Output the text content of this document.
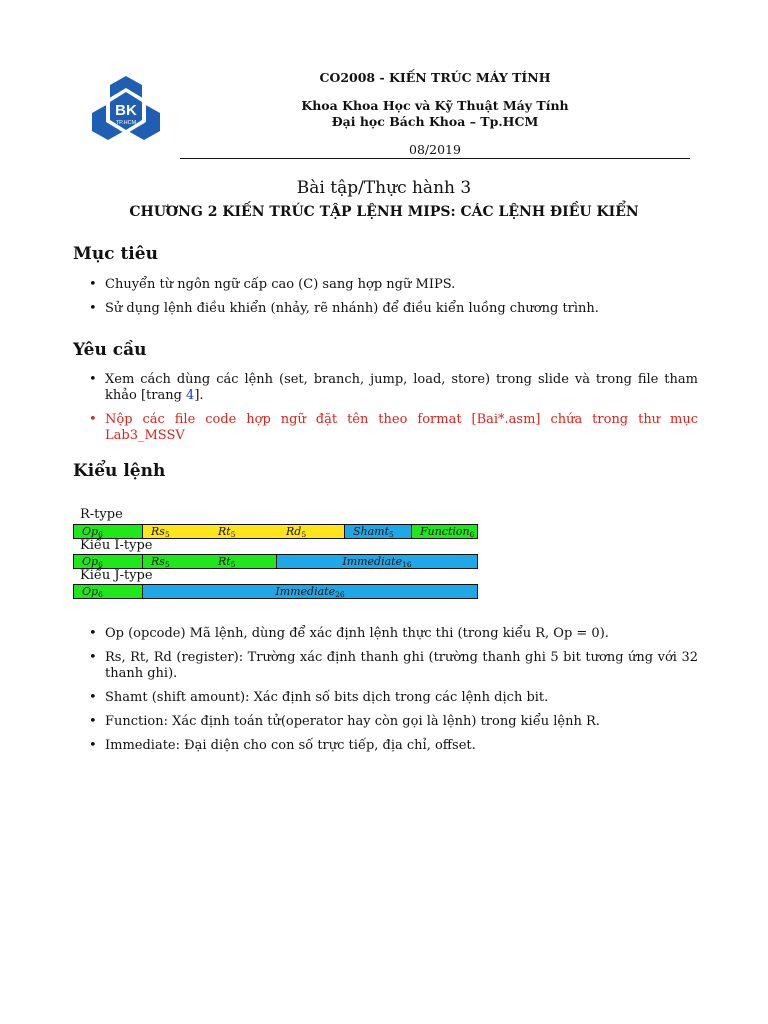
BK
TP.HCM
CO2008 - KIẾN TRÚC MÁY TÍNH
Khoa Khoa Học và Kỹ Thuật Máy Tính
Đại học Bách Khoa – Tp.HCM
08/2019
Bài tập/Thực hành 3
CHƯƠNG 2 KIẾN TRÚC TẬP LỆNH MIPS: CÁC LỆNH ĐIỀU KIỂN
Mục tiêu
• Chuyển từ ngôn ngữ cấp cao (C) sang hợp ngữ MIPS.
• Sử dụng lệnh điều khiển (nhảy, rẽ nhánh) để điều kiển luồng chương trình.
Yêu cầu
• Xem cách dùng các lệnh (set, branch, jump, load, store) trong slide và trong file tham khảo [trang 4].
• Nộp các file code hợp ngữ đặt tên theo format [Bai*.asm] chứa trong thư mục Lab3_MSSV
Kiểu lệnh
R-type
$Op_6$	$Rs_5$	$Rt_5$	$Rd_5$	Shamt$_5$	Function$_6$
Kiểu I-type
$Op_6$	$Rs_5$	$Rt_5$	Immediate$_{16}$
Kiểu J-type
$Op_6$	Immediate$_{26}$
• Op (opcode) Mã lệnh, dùng để xác định lệnh thực thi (trong kiểu R, Op = 0).
• Rs, Rt, Rd (register): Trường xác định thanh ghi (trường thanh ghi 5 bit tương ứng với 32 thanh ghi).
• Shamt (shift amount): Xác định số bits dịch trong các lệnh dịch bit.
• Function: Xác định toán tử(operator hay còn gọi là lệnh) trong kiểu lệnh R.
• Immediate: Đại diện cho con số trực tiếp, địa chỉ, offset.
